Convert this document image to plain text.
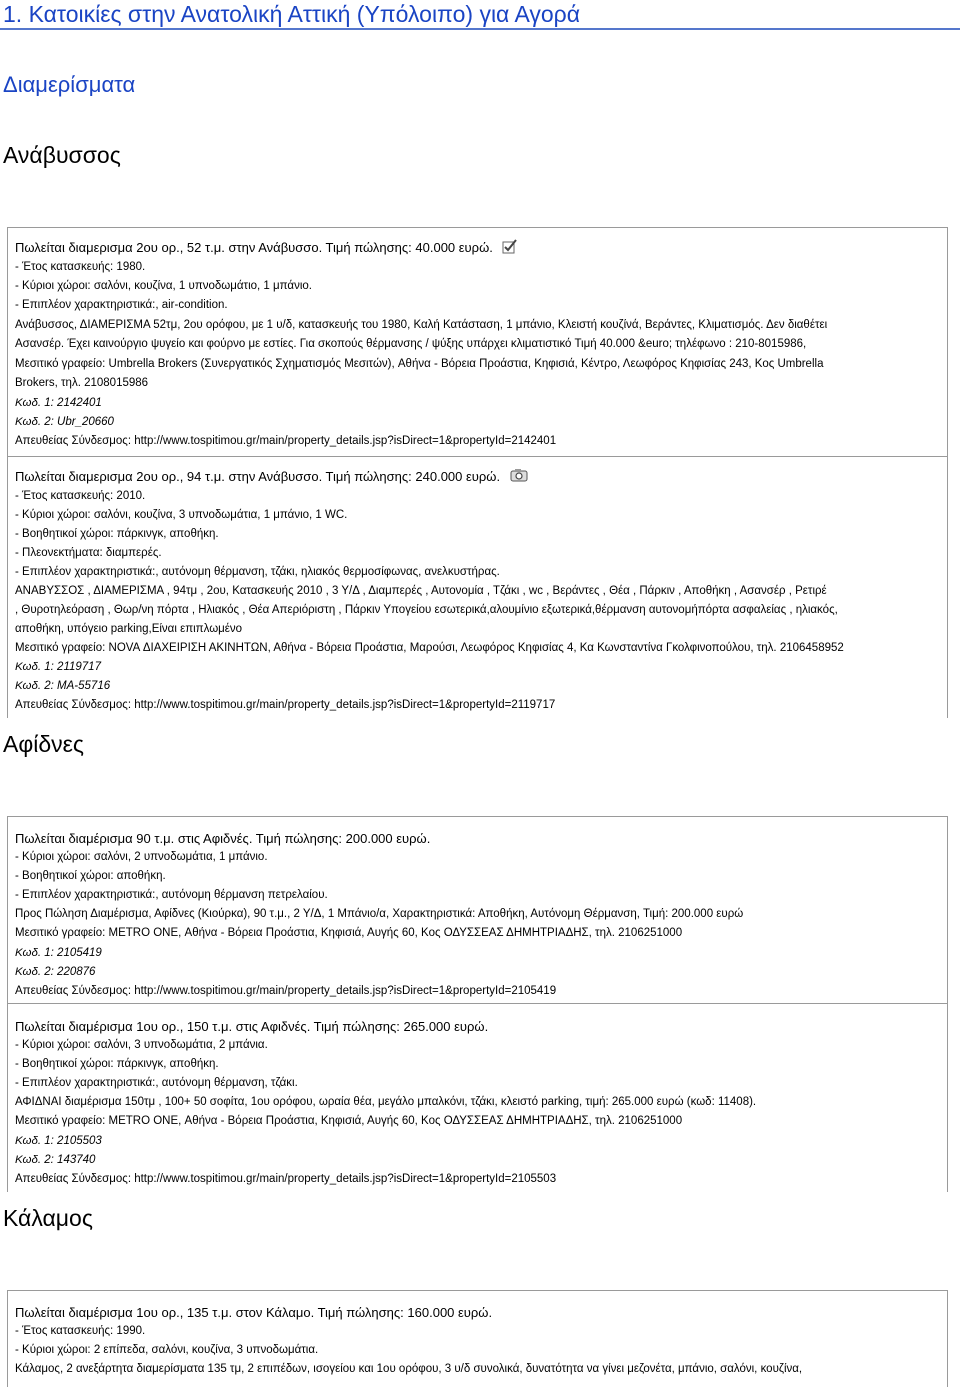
1. Κατοικίες στην Ανατολική Αττική (Υπόλοιπο) για Αγορά
Διαμερίσματα
Ανάβυσσος
Πωλείται διαμερισμα 2ου ορ., 52 τ.μ. στην Ανάβυσσο. Τιμή πώλησης: 40.000 ευρώ.
- Έτος κατασκευής: 1980.
- Κύριοι χώροι: σαλόνι, κουζίνα, 1 υπνοδωμάτιο, 1 μπάνιο.
- Επιπλέον χαρακτηριστικά:, air-condition.
Ανάβυσσος, ΔΙΑΜΕΡΙΣΜΑ 52τμ, 2ου ορόφου, με 1 υ/δ, κατασκευής του 1980, Καλή Κατάσταση, 1 μπάνιο, Κλειστή κουζίνά, Βεράντες, Κλιματισμός. Δεν διαθέτει
Ασανσέρ. Έχει καινούργιο ψυγείο και φούρνο με εστίες. Για σκοπούς θέρμανσης / ψύξης υπάρχει κλιματιστικό Τιμή 40.000 &euro; τηλέφωνο : 210-8015986,
Μεσιτικό γραφείο: Umbrella Brokers (Συνεργατικός Σχηματισμός Μεσιτών), Αθήνα - Βόρεια Προάστια, Κηφισιά, Κέντρο, Λεωφόρος Κηφισίας 243, Κος Umbrella
Brokers, τηλ. 2108015986
Κωδ. 1: 2142401
Κωδ. 2: Ubr_20660
Απευθείας Σύνδεσμος: http://www.tospitimou.gr/main/property_details.jsp?isDirect=1&propertyId=2142401
Πωλείται διαμερισμα 2ου ορ., 94 τ.μ. στην Ανάβυσσο. Τιμή πώλησης: 240.000 ευρώ.
- Έτος κατασκευής: 2010.
- Κύριοι χώροι: σαλόνι, κουζίνα, 3 υπνοδωμάτια, 1 μπάνιο, 1 WC.
- Βοηθητικοί χώροι: πάρκινγκ, αποθήκη.
- Πλεονεκτήματα: διαμπερές.
- Επιπλέον χαρακτηριστικά:, αυτόνομη θέρμανση, τζάκι, ηλιακός θερμοσίφωνας, ανελκυστήρας.
ΑΝΑΒΥΣΣΟΣ , ΔΙΑΜΕΡΙΣΜΑ , 94τμ , 2ου, Κατασκευής 2010 , 3 Υ/Δ , Διαμπερές , Αυτονομία , Τζάκι , wc , Βεράντες , Θέα , Πάρκιν , Αποθήκη , Ασανσέρ , Ρετιρέ
, Θυροτηλεόραση , Θωρ/νη πόρτα , Ηλιακός , Θέα Απεριόριστη , Πάρκιν Υπογείου εσωτερικά,αλουμίνιο εξωτερικά,θέρμανση αυτονομήπόρτα ασφαλείας , ηλιακός,
αποθήκη, υπόγειο parking,Είναι επιπλωμένο
Μεσιτικό γραφείο: NOVA ΔΙΑΧΕΙΡΙΣΗ ΑΚΙΝΗΤΩΝ, Αθήνα - Βόρεια Προάστια, Μαρούσι, Λεωφόρος Κηφισίας 4, Κα Κωνσταντίνα Γκολφινοπούλου, τηλ. 2106458952
Κωδ. 1: 2119717
Κωδ. 2: MA-55716
Απευθείας Σύνδεσμος: http://www.tospitimou.gr/main/property_details.jsp?isDirect=1&propertyId=2119717
Αφίδνες
Πωλείται διαμέρισμα 90 τ.μ. στις Αφιδνές. Τιμή πώλησης: 200.000 ευρώ.
- Κύριοι χώροι: σαλόνι, 2 υπνοδωμάτια, 1 μπάνιο.
- Βοηθητικοί χώροι: αποθήκη.
- Επιπλέον χαρακτηριστικά:, αυτόνομη θέρμανση πετρελαίου.
Προς Πώληση Διαμέρισμα, Αφίδνες (Κιούρκα), 90 τ.μ., 2 Υ/Δ, 1 Μπάνιο/α, Χαρακτηριστικά: Αποθήκη, Αυτόνομη Θέρμανση, Τιμή: 200.000 ευρώ
Μεσιτικό γραφείο: METRO ONE, Αθήνα - Βόρεια Προάστια, Κηφισιά, Αυγής 60, Κος ΟΔΥΣΣΕΑΣ ΔΗΜΗΤΡΙΑΔΗΣ, τηλ. 2106251000
Κωδ. 1: 2105419
Κωδ. 2: 220876
Απευθείας Σύνδεσμος: http://www.tospitimou.gr/main/property_details.jsp?isDirect=1&propertyId=2105419
Πωλείται διαμέρισμα 1ου ορ., 150 τ.μ. στις Αφιδνές. Τιμή πώλησης: 265.000 ευρώ.
- Κύριοι χώροι: σαλόνι, 3 υπνοδωμάτια, 2 μπάνια.
- Βοηθητικοί χώροι: πάρκινγκ, αποθήκη.
- Επιπλέον χαρακτηριστικά:, αυτόνομη θέρμανση, τζάκι.
ΑΦΙΔΝΑΙ διαμέρισμα 150τμ , 100+ 50 σοφίτα, 1ου ορόφου, ωραία θέα, μεγάλο μπαλκόνι, τζάκι, κλειστό parking, τιμή: 265.000 ευρώ (κωδ: 11408).
Μεσιτικό γραφείο: METRO ONE, Αθήνα - Βόρεια Προάστια, Κηφισιά, Αυγής 60, Κος ΟΔΥΣΣΕΑΣ ΔΗΜΗΤΡΙΑΔΗΣ, τηλ. 2106251000
Κωδ. 1: 2105503
Κωδ. 2: 143740
Απευθείας Σύνδεσμος: http://www.tospitimou.gr/main/property_details.jsp?isDirect=1&propertyId=2105503
Κάλαμος
Πωλείται διαμέρισμα 1ου ορ., 135 τ.μ. στον Κάλαμο. Τιμή πώλησης: 160.000 ευρώ.
- Έτος κατασκευής: 1990.
- Κύριοι χώροι: 2 επίπεδα, σαλόνι, κουζίνα, 3 υπνοδωμάτια.
Κάλαμος, 2 ανεξάρτητα διαμερίσματα 135 τμ, 2 επιπέδων, ισογείου και 1ου ορόφου, 3 υ/δ συνολικά, δυνατότητα να γίνει μεζονέτα, μπάνιο, σαλόνι, κουζίνα,
